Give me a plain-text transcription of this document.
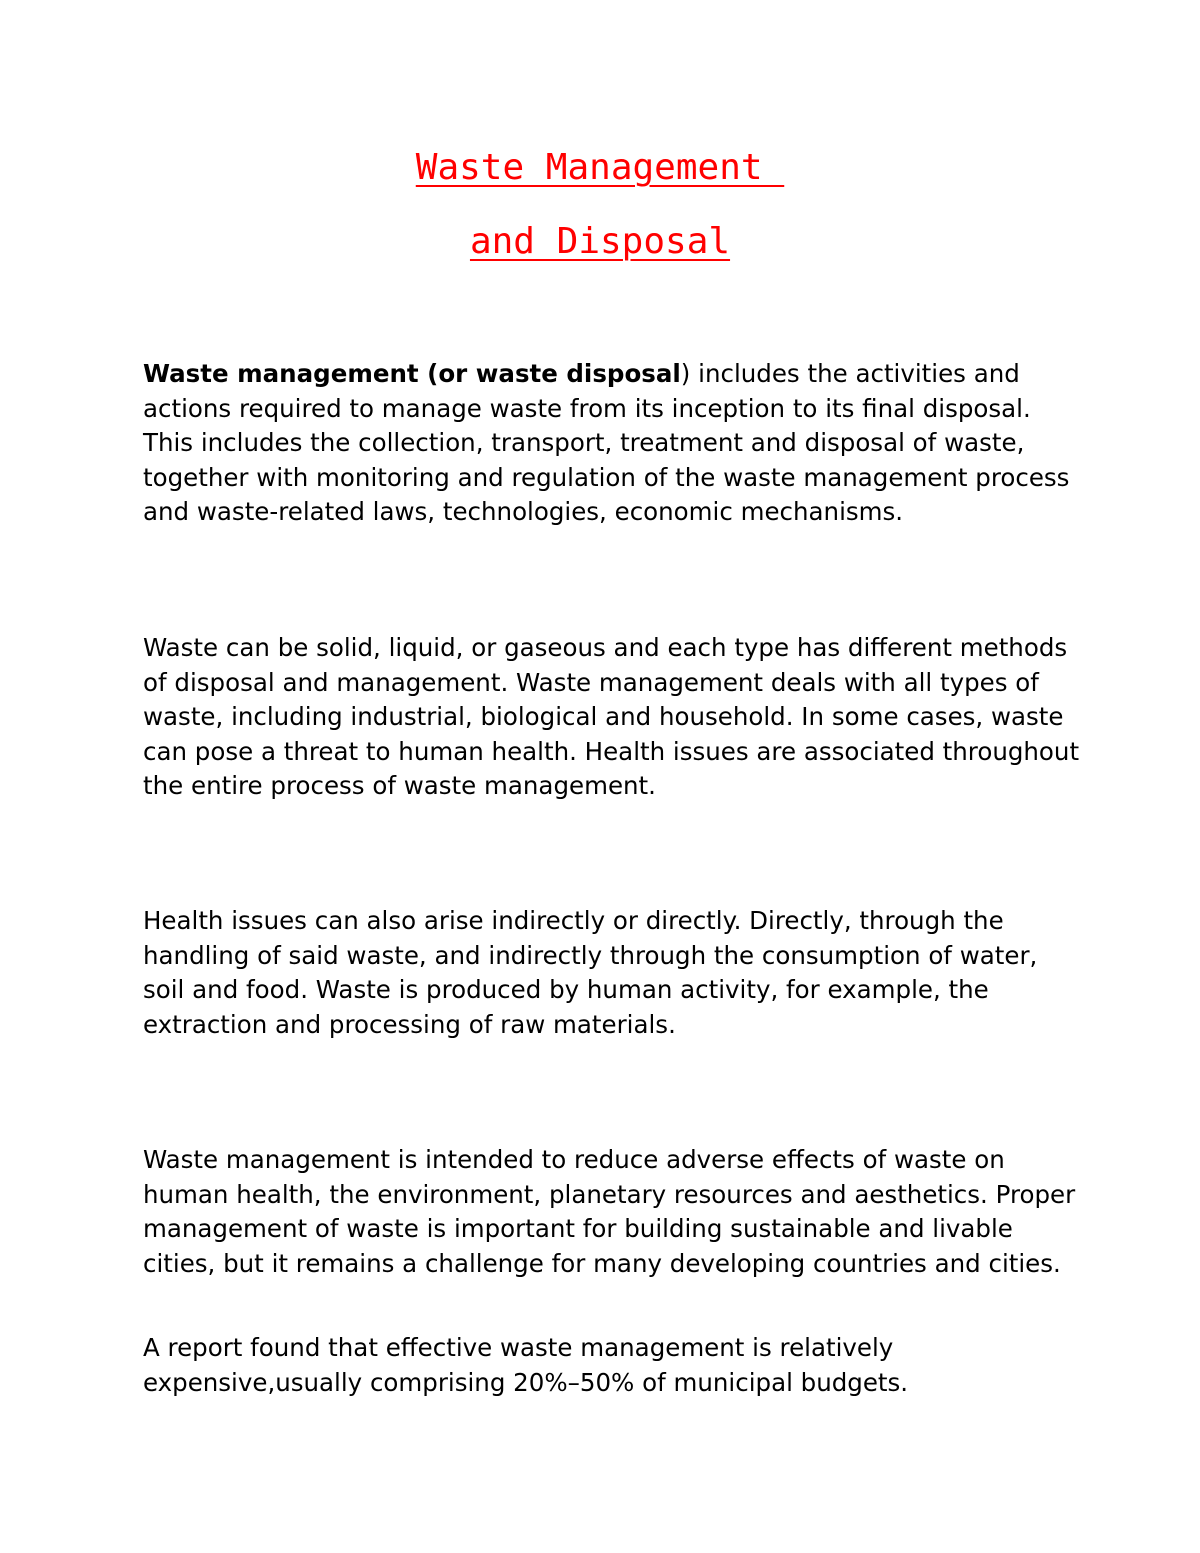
Waste Management
and Disposal

Waste management (or waste disposal) includes the activities and actions required to manage waste from its inception to its final disposal. This includes the collection, transport, treatment and disposal of waste, together with monitoring and regulation of the waste management process and waste-related laws, technologies, economic mechanisms.

Waste can be solid, liquid, or gaseous and each type has different methods of disposal and management. Waste management deals with all types of waste, including industrial, biological and household. In some cases, waste can pose a threat to human health. Health issues are associated throughout the entire process of waste management.

Health issues can also arise indirectly or directly. Directly, through the handling of said waste, and indirectly through the consumption of water, soil and food. Waste is produced by human activity, for example, the extraction and processing of raw materials.

Waste management is intended to reduce adverse effects of waste on human health, the environment, planetary resources and aesthetics. Proper management of waste is important for building sustainable and livable cities, but it remains a challenge for many developing countries and cities.

A report found that effective waste management is relatively expensive,usually comprising 20%–50% of municipal budgets.
